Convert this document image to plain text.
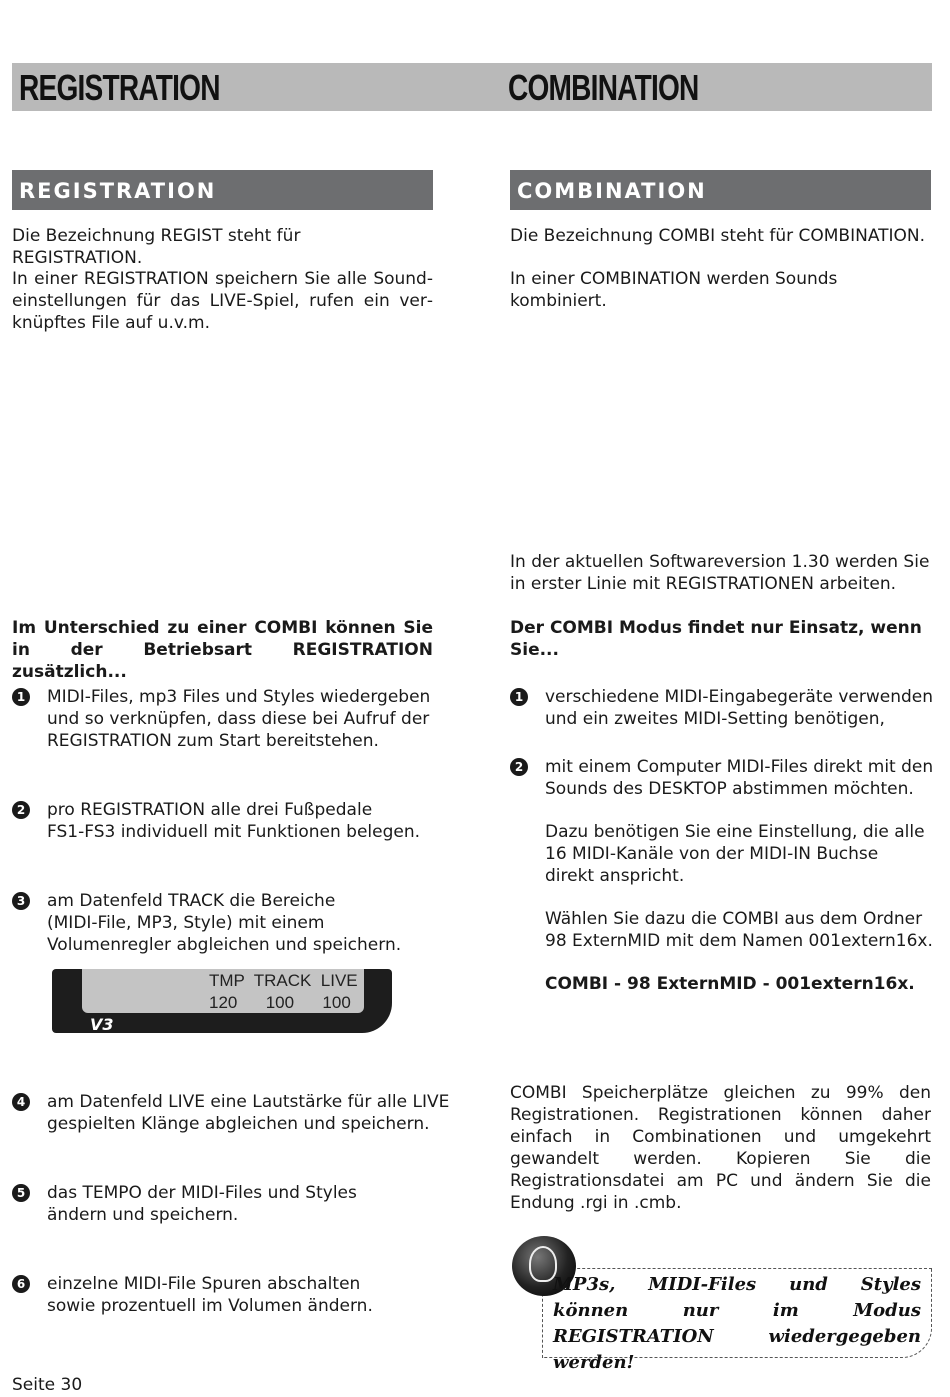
REGISTRATION	COMBINATION
REGISTRATION	COMBINATION
Die Bezeichnung REGIST steht für REGISTRATION.
In einer REGISTRATION speichern Sie alle Soundeinstellungen für das LIVE-Spiel, rufen ein verknüpftes File auf u.v.m.
Die Bezeichnung COMBI steht für COMBINATION.
In einer COMBINATION werden Sounds kombiniert.
In der aktuellen Softwareversion 1.30 werden Sie in erster Linie mit REGISTRATIONEN arbeiten.
Im Unterschied zu einer COMBI können Sie in der Betriebsart REGISTRATION zusätzlich...
Der COMBI Modus findet nur Einsatz, wenn Sie...
1 MIDI-Files, mp3 Files und Styles wiedergeben
und so verknüpfen, dass diese bei Aufruf der
REGISTRATION zum Start bereitstehen.
2 pro REGISTRATION alle drei Fußpedale
FS1-FS3 individuell mit Funktionen belegen.
3 am Datenfeld TRACK die Bereiche
(MIDI-File, MP3, Style) mit einem
Volumenregler abgleichen und speichern.
TMP  TRACK  LIVE
120      100      100
V3
4 am Datenfeld LIVE eine Lautstärke für alle LIVE
gespielten Klänge abgleichen und speichern.
5 das TEMPO der MIDI-Files und Styles
ändern und speichern.
6 einzelne MIDI-File Spuren abschalten
sowie prozentuell im Volumen ändern.
1 verschiedene MIDI-Eingabegeräte verwenden
und ein zweites MIDI-Setting benötigen,
2 mit einem Computer MIDI-Files direkt mit den
Sounds des DESKTOP abstimmen möchten.
Dazu benötigen Sie eine Einstellung, die alle
16 MIDI-Kanäle von der MIDI-IN Buchse
direkt anspricht.
Wählen Sie dazu die COMBI aus dem Ordner
98 ExternMID mit dem Namen 001extern16x.
COMBI - 98 ExternMID - 001extern16x.
COMBI Speicherplätze gleichen zu 99% den Registrationen. Registrationen können daher einfach in Combinationen und umgekehrt gewandelt werden. Kopieren Sie die Registrationsdatei am PC und ändern Sie die Endung .rgi in .cmb.
MP3s, MIDI-Files und Styles können nur im Modus REGISTRATION wiedergegeben werden!
Seite 30
